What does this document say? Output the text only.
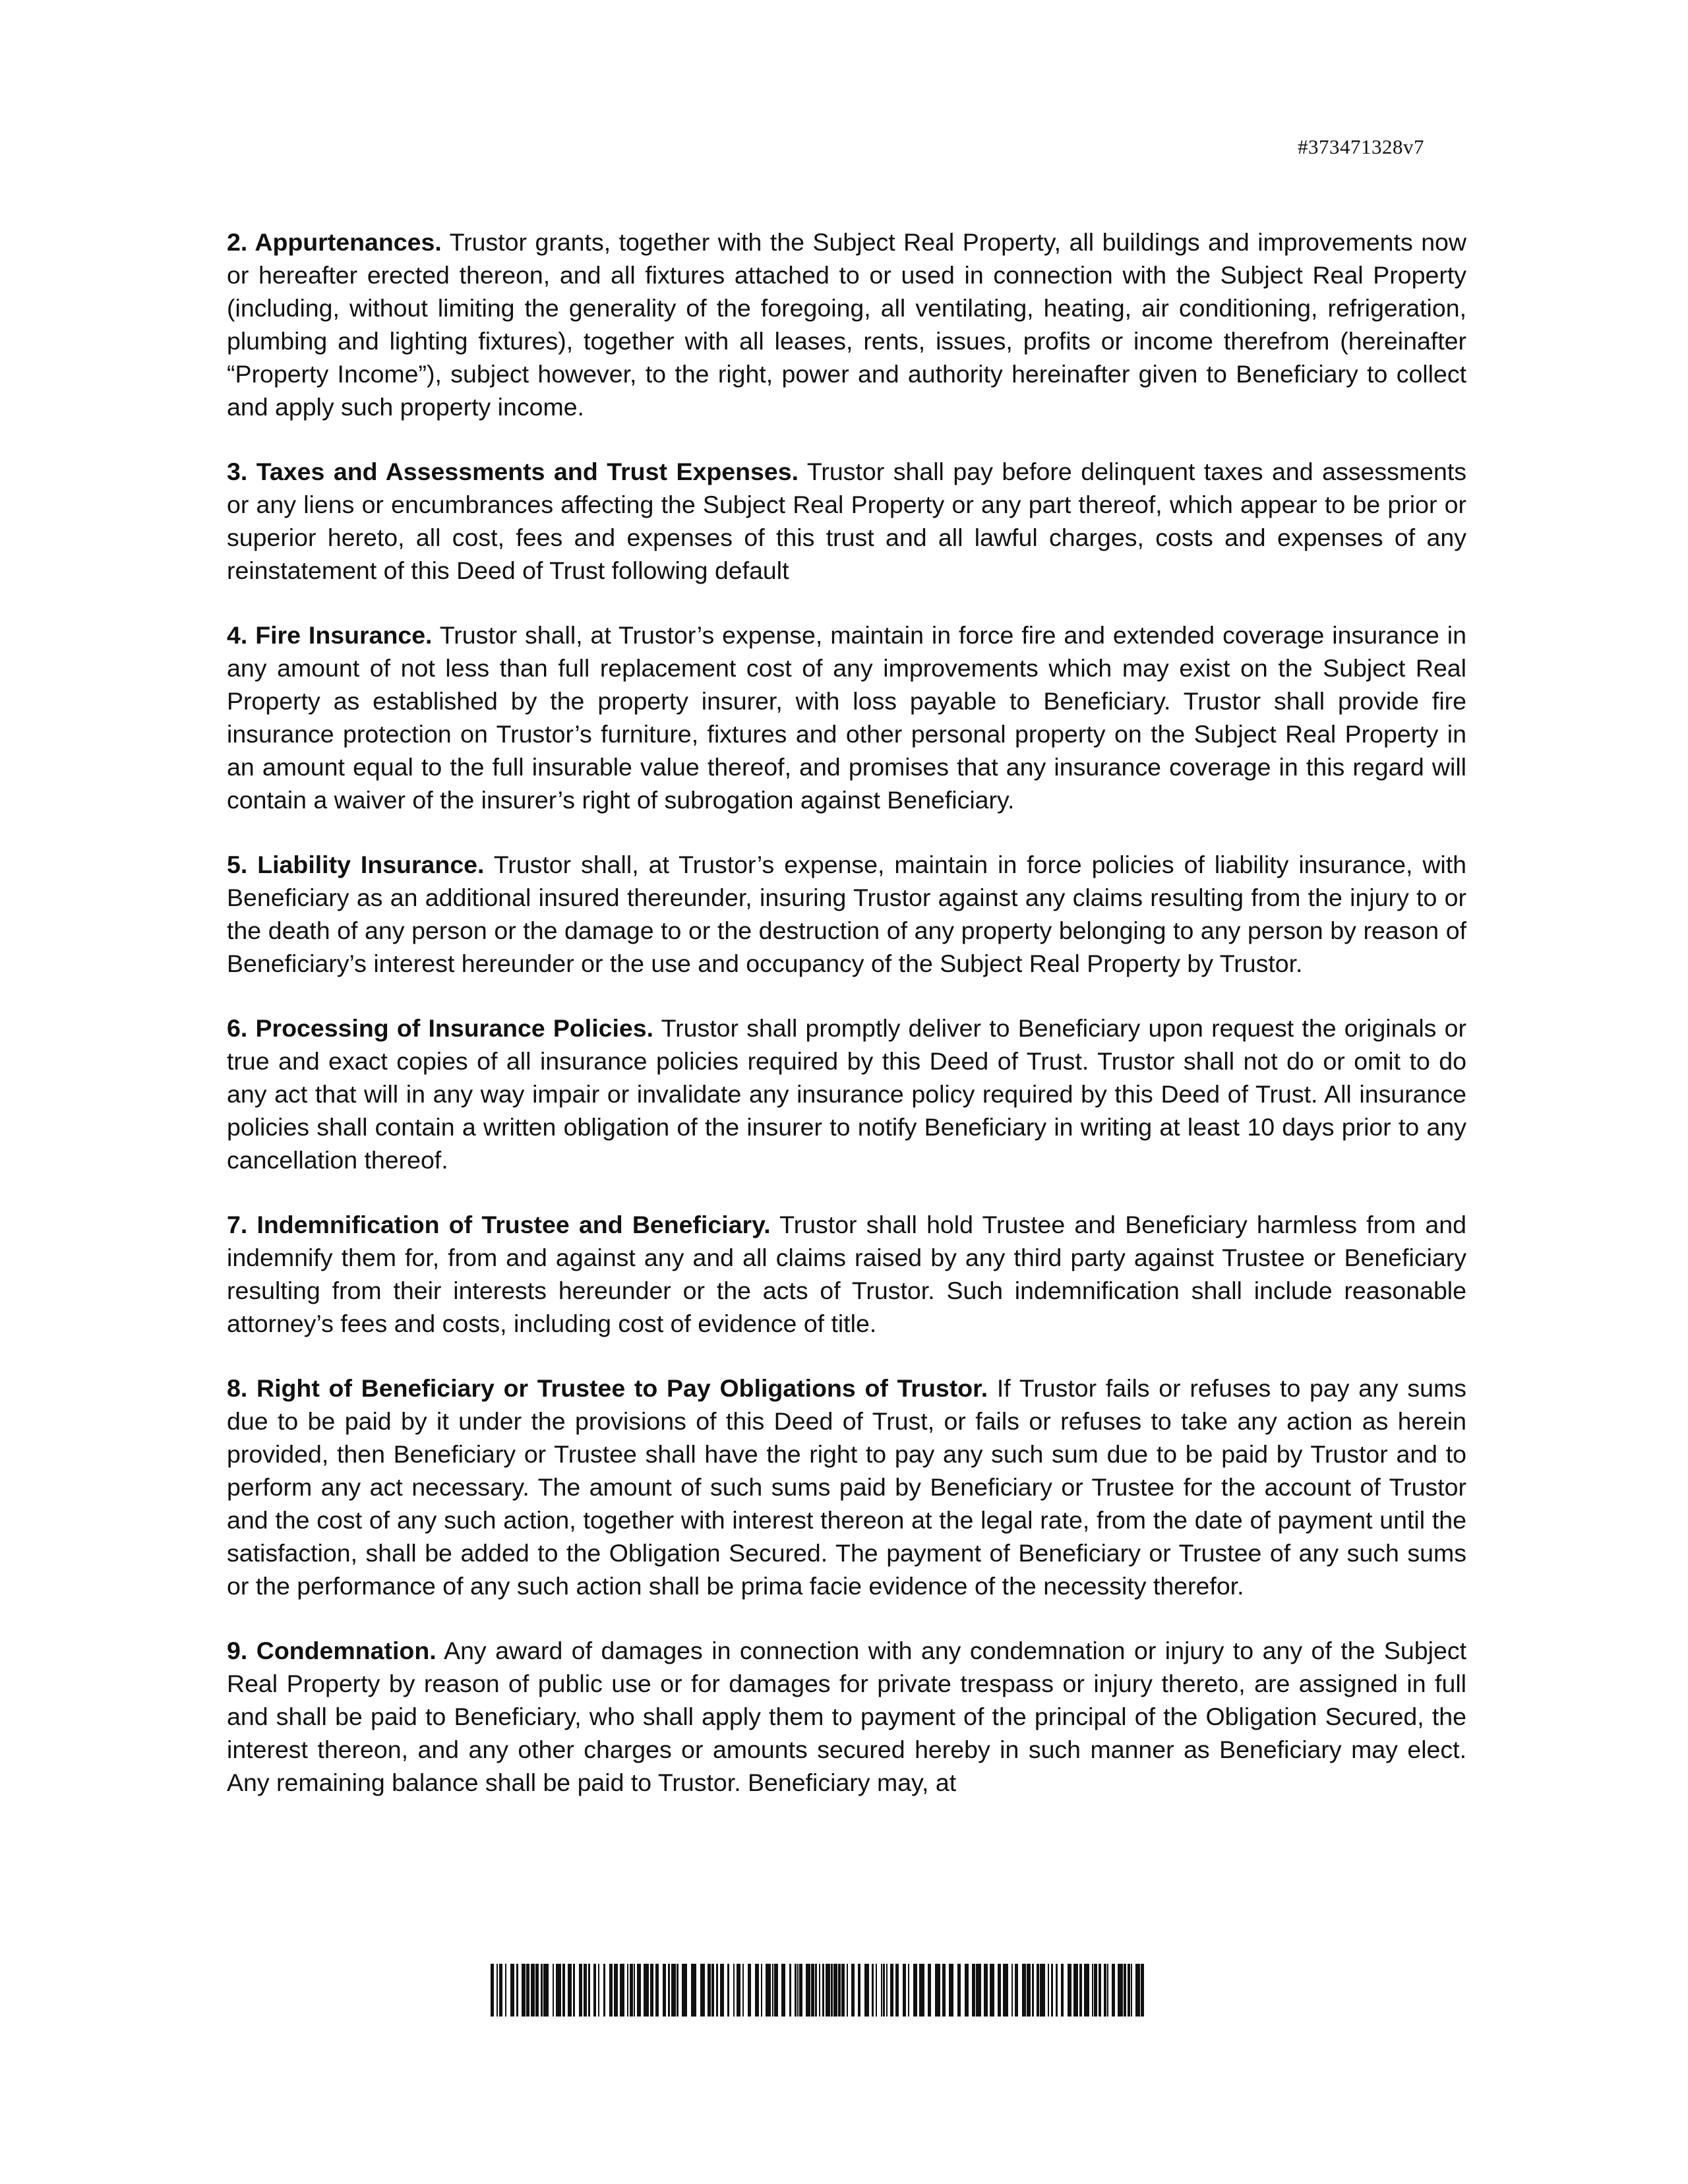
#373471328v7

2. Appurtenances. Trustor grants, together with the Subject Real Property, all buildings and improvements now or hereafter erected thereon, and all fixtures attached to or used in connection with the Subject Real Property (including, without limiting the generality of the foregoing, all ventilating, heating, air conditioning, refrigeration, plumbing and lighting fixtures), together with all leases, rents, issues, profits or income therefrom (hereinafter “Property Income”), subject however, to the right, power and authority hereinafter given to Beneficiary to collect and apply such property income.

3. Taxes and Assessments and Trust Expenses. Trustor shall pay before delinquent taxes and assessments or any liens or encumbrances affecting the Subject Real Property or any part thereof, which appear to be prior or superior hereto, all cost, fees and expenses of this trust and all lawful charges, costs and expenses of any reinstatement of this Deed of Trust following default

4. Fire Insurance. Trustor shall, at Trustor’s expense, maintain in force fire and extended coverage insurance in any amount of not less than full replacement cost of any improvements which may exist on the Subject Real Property as established by the property insurer, with loss payable to Beneficiary. Trustor shall provide fire insurance protection on Trustor’s furniture, fixtures and other personal property on the Subject Real Property in an amount equal to the full insurable value thereof, and promises that any insurance coverage in this regard will contain a waiver of the insurer’s right of subrogation against Beneficiary.

5. Liability Insurance. Trustor shall, at Trustor’s expense, maintain in force policies of liability insurance, with Beneficiary as an additional insured thereunder, insuring Trustor against any claims resulting from the injury to or the death of any person or the damage to or the destruction of any property belonging to any person by reason of Beneficiary’s interest hereunder or the use and occupancy of the Subject Real Property by Trustor.

6. Processing of Insurance Policies. Trustor shall promptly deliver to Beneficiary upon request the originals or true and exact copies of all insurance policies required by this Deed of Trust. Trustor shall not do or omit to do any act that will in any way impair or invalidate any insurance policy required by this Deed of Trust. All insurance policies shall contain a written obligation of the insurer to notify Beneficiary in writing at least 10 days prior to any cancellation thereof.

7. Indemnification of Trustee and Beneficiary. Trustor shall hold Trustee and Beneficiary harmless from and indemnify them for, from and against any and all claims raised by any third party against Trustee or Beneficiary resulting from their interests hereunder or the acts of Trustor. Such indemnification shall include reasonable attorney’s fees and costs, including cost of evidence of title.

8. Right of Beneficiary or Trustee to Pay Obligations of Trustor. If Trustor fails or refuses to pay any sums due to be paid by it under the provisions of this Deed of Trust, or fails or refuses to take any action as herein provided, then Beneficiary or Trustee shall have the right to pay any such sum due to be paid by Trustor and to perform any act necessary. The amount of such sums paid by Beneficiary or Trustee for the account of Trustor and the cost of any such action, together with interest thereon at the legal rate, from the date of payment until the satisfaction, shall be added to the Obligation Secured. The payment of Beneficiary or Trustee of any such sums or the performance of any such action shall be prima facie evidence of the necessity therefor.

9. Condemnation. Any award of damages in connection with any condemnation or injury to any of the Subject Real Property by reason of public use or for damages for private trespass or injury thereto, are assigned in full and shall be paid to Beneficiary, who shall apply them to payment of the principal of the Obligation Secured, the interest thereon, and any other charges or amounts secured hereby in such manner as Beneficiary may elect. Any remaining balance shall be paid to Trustor. Beneficiary may, at
